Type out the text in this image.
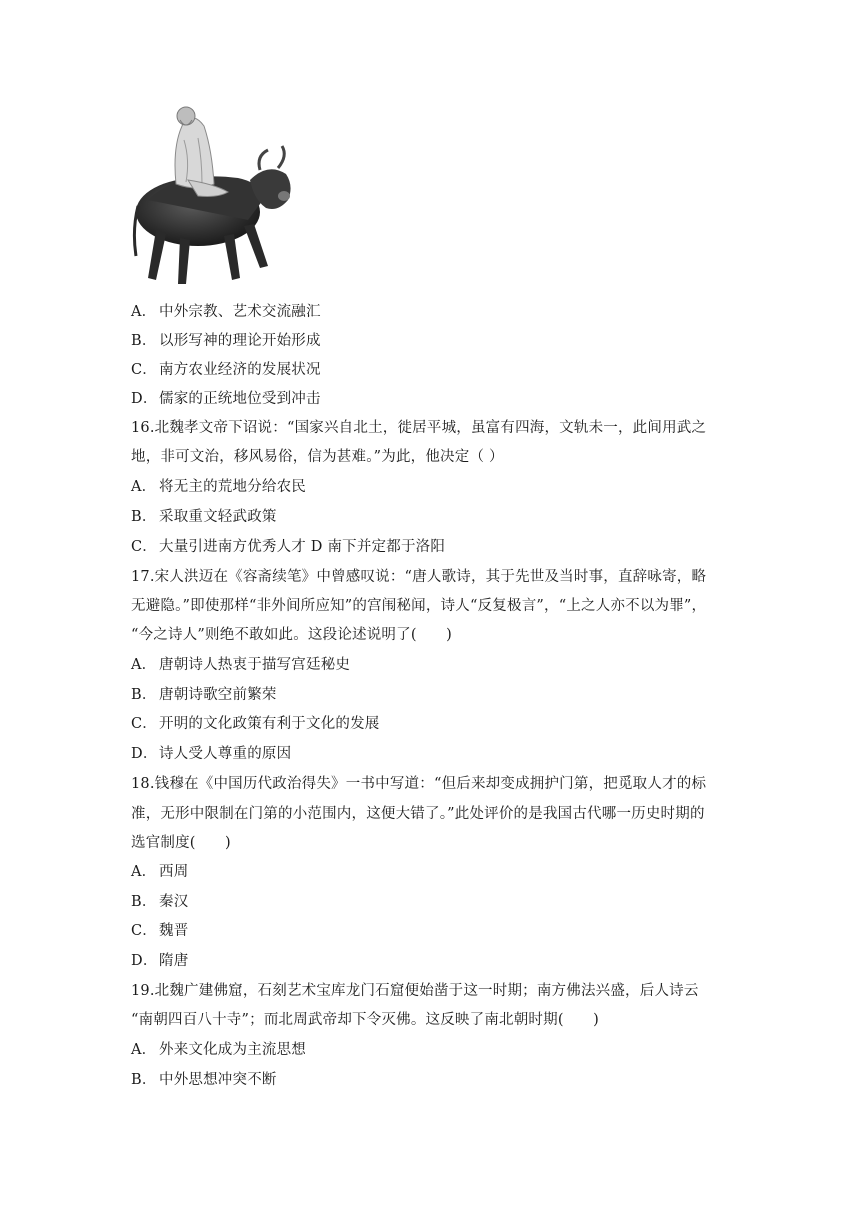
A． 中外宗教、艺术交流融汇
B． 以形写神的理论开始形成
C． 南方农业经济的发展状况
D．儒家的正统地位受到冲击
16.北魏孝文帝下诏说：“国家兴自北土，徙居平城，虽富有四海，文轨未一，此间用武之
地，非可文治，移风易俗，信为甚难。”为此，他决定（ ）
A． 将无主的荒地分给农民
B． 采取重文轻武政策
C． 大量引进南方优秀人才 D 南下并定都于洛阳
17.宋人洪迈在《容斋续笔》中曾感叹说：“唐人歌诗，其于先世及当时事，直辞咏寄，略
无避隐。”即使那样“非外间所应知”的宫闱秘闻，诗人“反复极言”，“上之人亦不以为罪”，
“今之诗人”则绝不敢如此。这段论述说明了(　　)
A． 唐朝诗人热衷于描写宫廷秘史
B． 唐朝诗歌空前繁荣
C． 开明的文化政策有利于文化的发展
D．诗人受人尊重的原因
18.钱穆在《中国历代政治得失》一书中写道：“但后来却变成拥护门第，把觅取人才的标
准，无形中限制在门第的小范围内，这便大错了。”此处评价的是我国古代哪一历史时期的
选官制度(　　)
A． 西周
B． 秦汉
C． 魏晋
D．隋唐
19.北魏广建佛窟，石刻艺术宝库龙门石窟便始凿于这一时期；南方佛法兴盛，后人诗云
“南朝四百八十寺”；而北周武帝却下令灭佛。这反映了南北朝时期(　　)
A． 外来文化成为主流思想
B． 中外思想冲突不断
